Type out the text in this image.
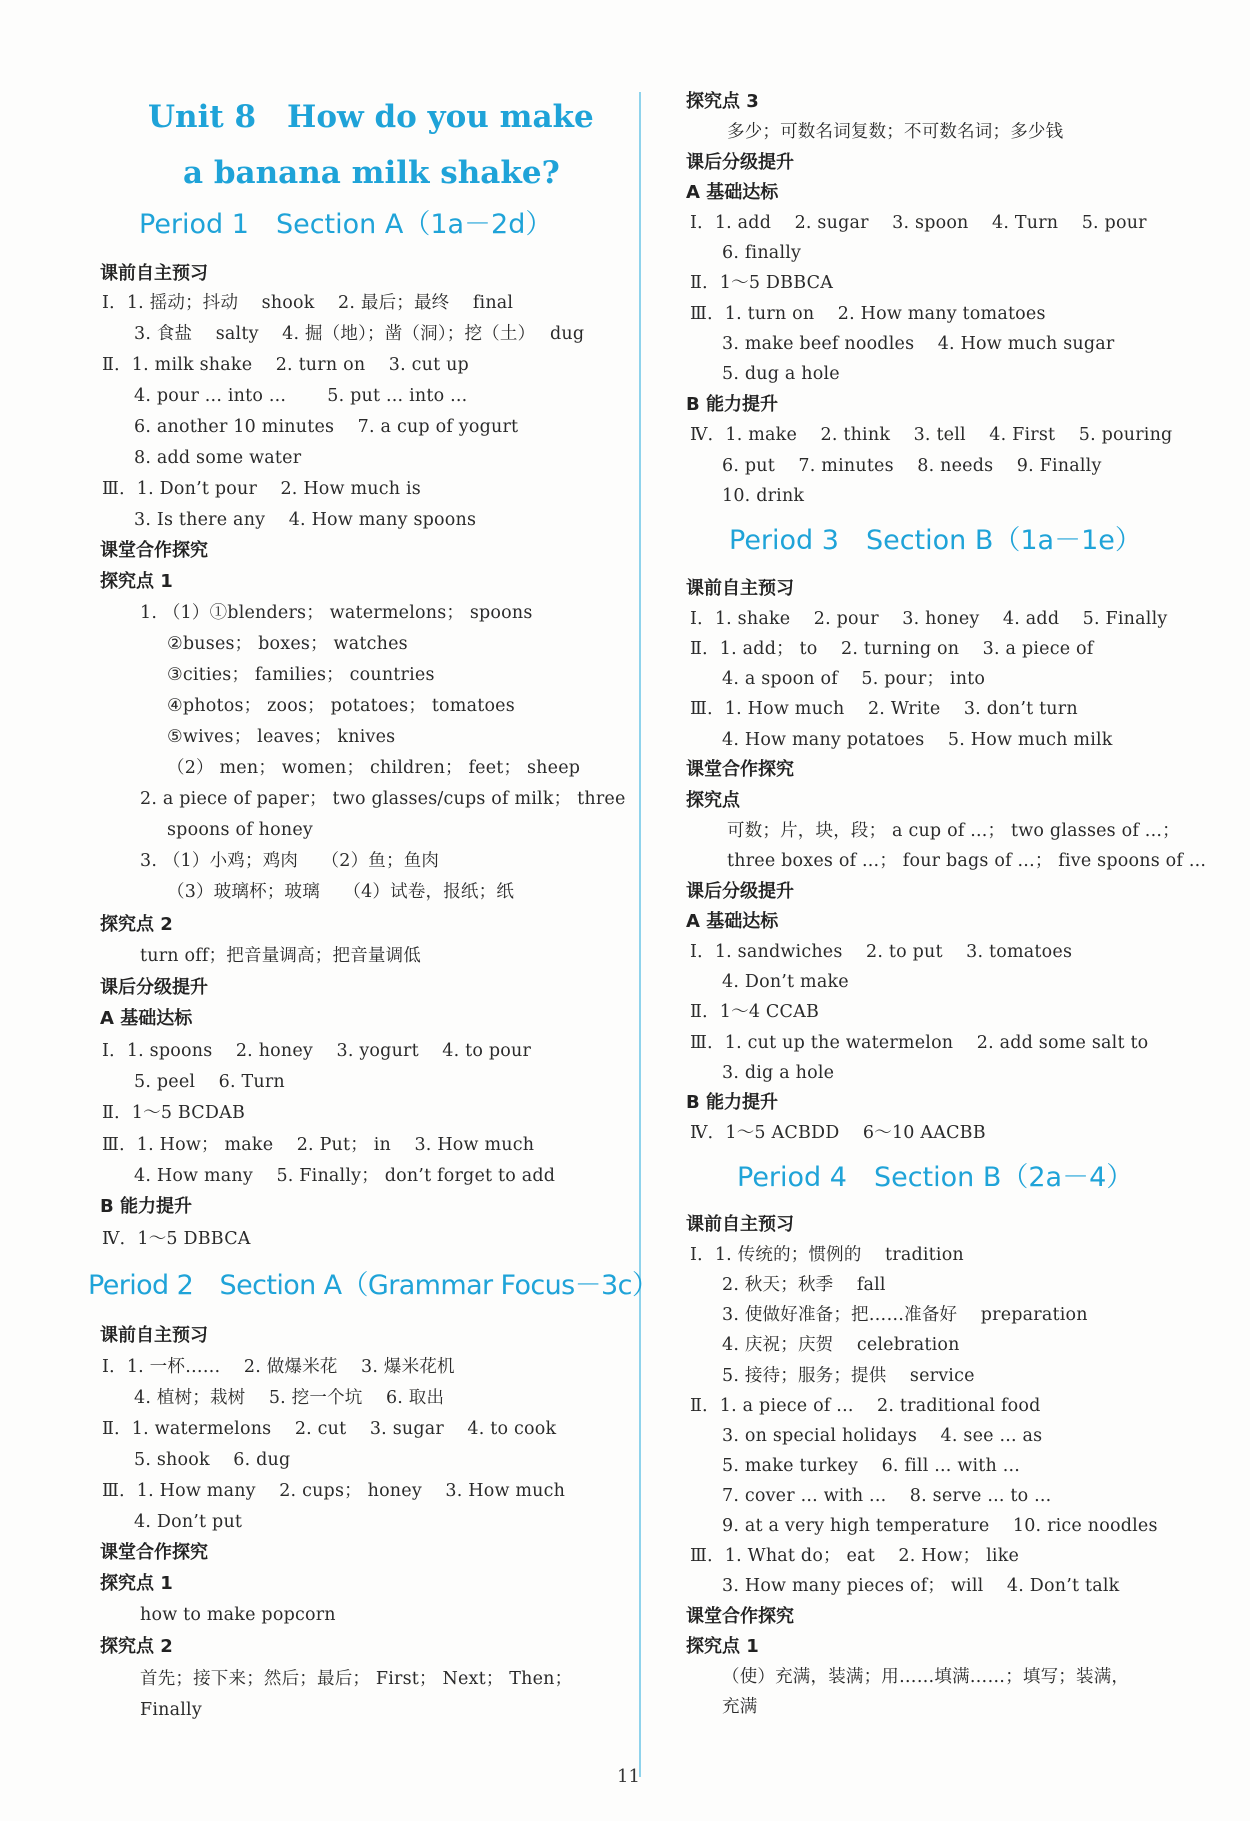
Unit 8　How do you make
a banana milk shake?
Period 1　Section A（1a－2d）
课前自主预习
Ⅰ．1. 摇动；抖动　 shook　 2. 最后；最终　 final
3. 食盐　 salty　 4. 掘（地）；凿（洞）；挖（土）　 dug
Ⅱ．1. milk shake　 2. turn on　 3. cut up
4. pour ... into ...　　 5. put ... into ...
6. another 10 minutes　 7. a cup of yogurt
8. add some water
Ⅲ．1. Don’t pour　 2. How much is
3. Is there any　 4. How many spoons
课堂合作探究
探究点 1
1. （1）①blenders； watermelons； spoons
②buses； boxes； watches
③cities； families； countries
④photos； zoos； potatoes； tomatoes
⑤wives； leaves； knives
（2） men； women； children； feet； sheep
2. a piece of paper； two glasses/cups of milk； three
spoons of honey
3. （1）小鸡；鸡肉　 （2）鱼；鱼肉
（3）玻璃杯；玻璃　 （4）试卷，报纸；纸
探究点 2
turn off；把音量调高；把音量调低
课后分级提升
A 基础达标
Ⅰ．1. spoons　 2. honey　 3. yogurt　 4. to pour
5. peel　 6. Turn
Ⅱ．1～5 BCDAB
Ⅲ．1. How； make　 2. Put； in　 3. How much
4. How many　 5. Finally； don’t forget to add
B 能力提升
Ⅳ．1～5 DBBCA
Period 2　Section A（Grammar Focus－3c）
课前自主预习
Ⅰ．1. 一杯……　 2. 做爆米花　 3. 爆米花机
4. 植树；栽树　 5. 挖一个坑　 6. 取出
Ⅱ．1. watermelons　 2. cut　 3. sugar　 4. to cook
5. shook　 6. dug
Ⅲ．1. How many　 2. cups； honey　 3. How much
4. Don’t put
课堂合作探究
探究点 1
how to make popcorn
探究点 2
首先；接下来；然后；最后； First； Next； Then；
Finally
探究点 3
多少；可数名词复数；不可数名词；多少钱
课后分级提升
A 基础达标
Ⅰ．1. add　 2. sugar　 3. spoon　 4. Turn　 5. pour
6. finally
Ⅱ．1～5 DBBCA
Ⅲ．1. turn on　 2. How many tomatoes
3. make beef noodles　 4. How much sugar
5. dug a hole
B 能力提升
Ⅳ．1. make　 2. think　 3. tell　 4. First　 5. pouring
6. put　 7. minutes　 8. needs　 9. Finally
10. drink
Period 3　Section B（1a－1e）
课前自主预习
Ⅰ．1. shake　 2. pour　 3. honey　 4. add　 5. Finally
Ⅱ．1. add； to　 2. turning on　 3. a piece of
4. a spoon of　 5. pour； into
Ⅲ．1. How much　 2. Write　 3. don’t turn
4. How many potatoes　 5. How much milk
课堂合作探究
探究点
可数；片，块，段； a cup of ...； two glasses of ...；
three boxes of ...； four bags of ...； five spoons of ...
课后分级提升
A 基础达标
Ⅰ．1. sandwiches　 2. to put　 3. tomatoes
4. Don’t make
Ⅱ．1～4 CCAB
Ⅲ．1. cut up the watermelon　 2. add some salt to
3. dig a hole
B 能力提升
Ⅳ．1～5 ACBDD　 6～10 AACBB
Period 4　Section B（2a－4）
课前自主预习
Ⅰ．1. 传统的；惯例的　 tradition
2. 秋天；秋季　 fall
3. 使做好准备；把……准备好　 preparation
4. 庆祝；庆贺　 celebration
5. 接待；服务；提供　 service
Ⅱ．1. a piece of ...　 2. traditional food
3. on special holidays　 4. see ... as
5. make turkey　 6. fill ... with ...
7. cover ... with ...　 8. serve ... to ...
9. at a very high temperature　 10. rice noodles
Ⅲ．1. What do； eat　 2. How； like
3. How many pieces of； will　 4. Don’t talk
课堂合作探究
探究点 1
（使）充满，装满；用……填满……；填写；装满，
充满
11
